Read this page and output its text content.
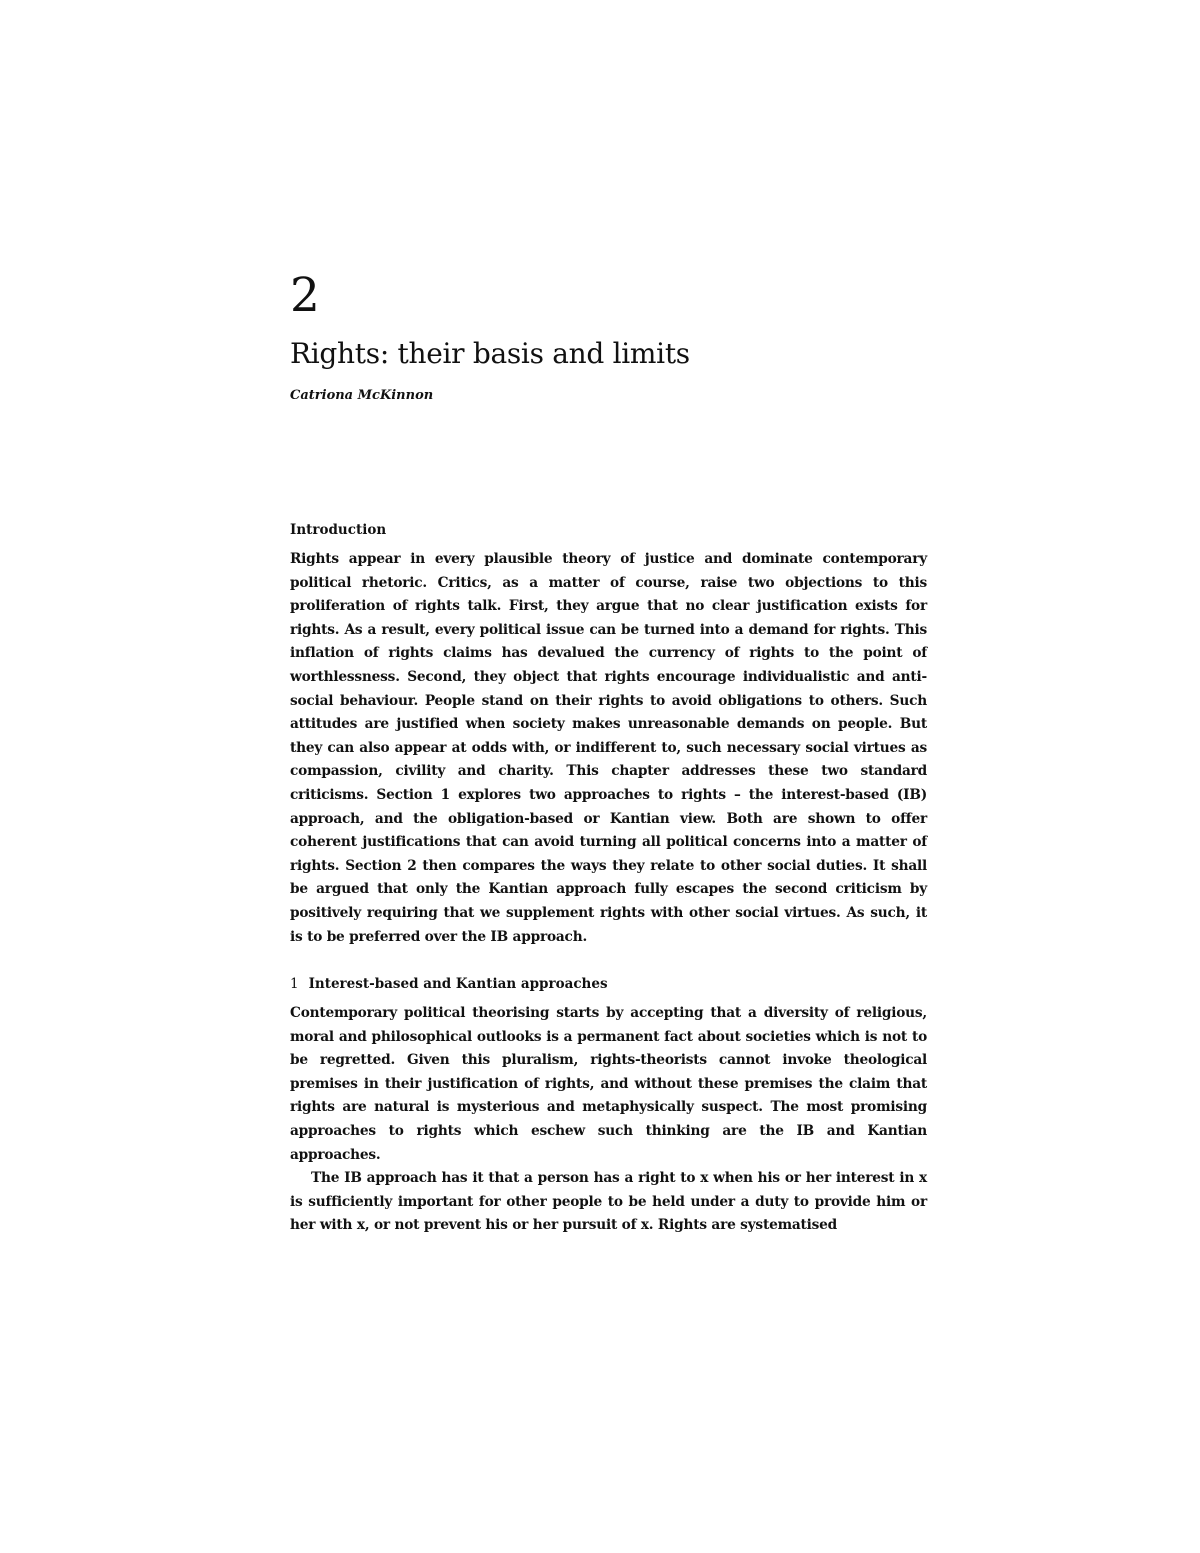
2
Rights: their basis and limits

Catriona McKinnon

Introduction

Rights appear in every plausible theory of justice and dominate contemporary political rhetoric. Critics, as a matter of course, raise two objections to this proliferation of rights talk. First, they argue that no clear justification exists for rights. As a result, every political issue can be turned into a demand for rights. This inflation of rights claims has devalued the currency of rights to the point of worthlessness. Second, they object that rights encourage individualistic and anti-social behaviour. People stand on their rights to avoid obligations to others. Such attitudes are justified when society makes unreasonable demands on people. But they can also appear at odds with, or indifferent to, such necessary social virtues as compassion, civility and charity. This chapter addresses these two standard criticisms. Section 1 explores two approaches to rights – the interest-based (IB) approach, and the obligation-based or Kantian view. Both are shown to offer coherent justifications that can avoid turning all political concerns into a matter of rights. Section 2 then compares the ways they relate to other social duties. It shall be argued that only the Kantian approach fully escapes the second criticism by positively requiring that we supplement rights with other social virtues. As such, it is to be preferred over the IB approach.

1 Interest-based and Kantian approaches

Contemporary political theorising starts by accepting that a diversity of religious, moral and philosophical outlooks is a permanent fact about societies which is not to be regretted. Given this pluralism, rights-theorists cannot invoke theological premises in their justification of rights, and without these premises the claim that rights are natural is mysterious and metaphysically suspect. The most promising approaches to rights which eschew such thinking are the IB and Kantian approaches.

The IB approach has it that a person has a right to x when his or her interest in x is sufficiently important for other people to be held under a duty to provide him or her with x, or not prevent his or her pursuit of x. Rights are systematised
